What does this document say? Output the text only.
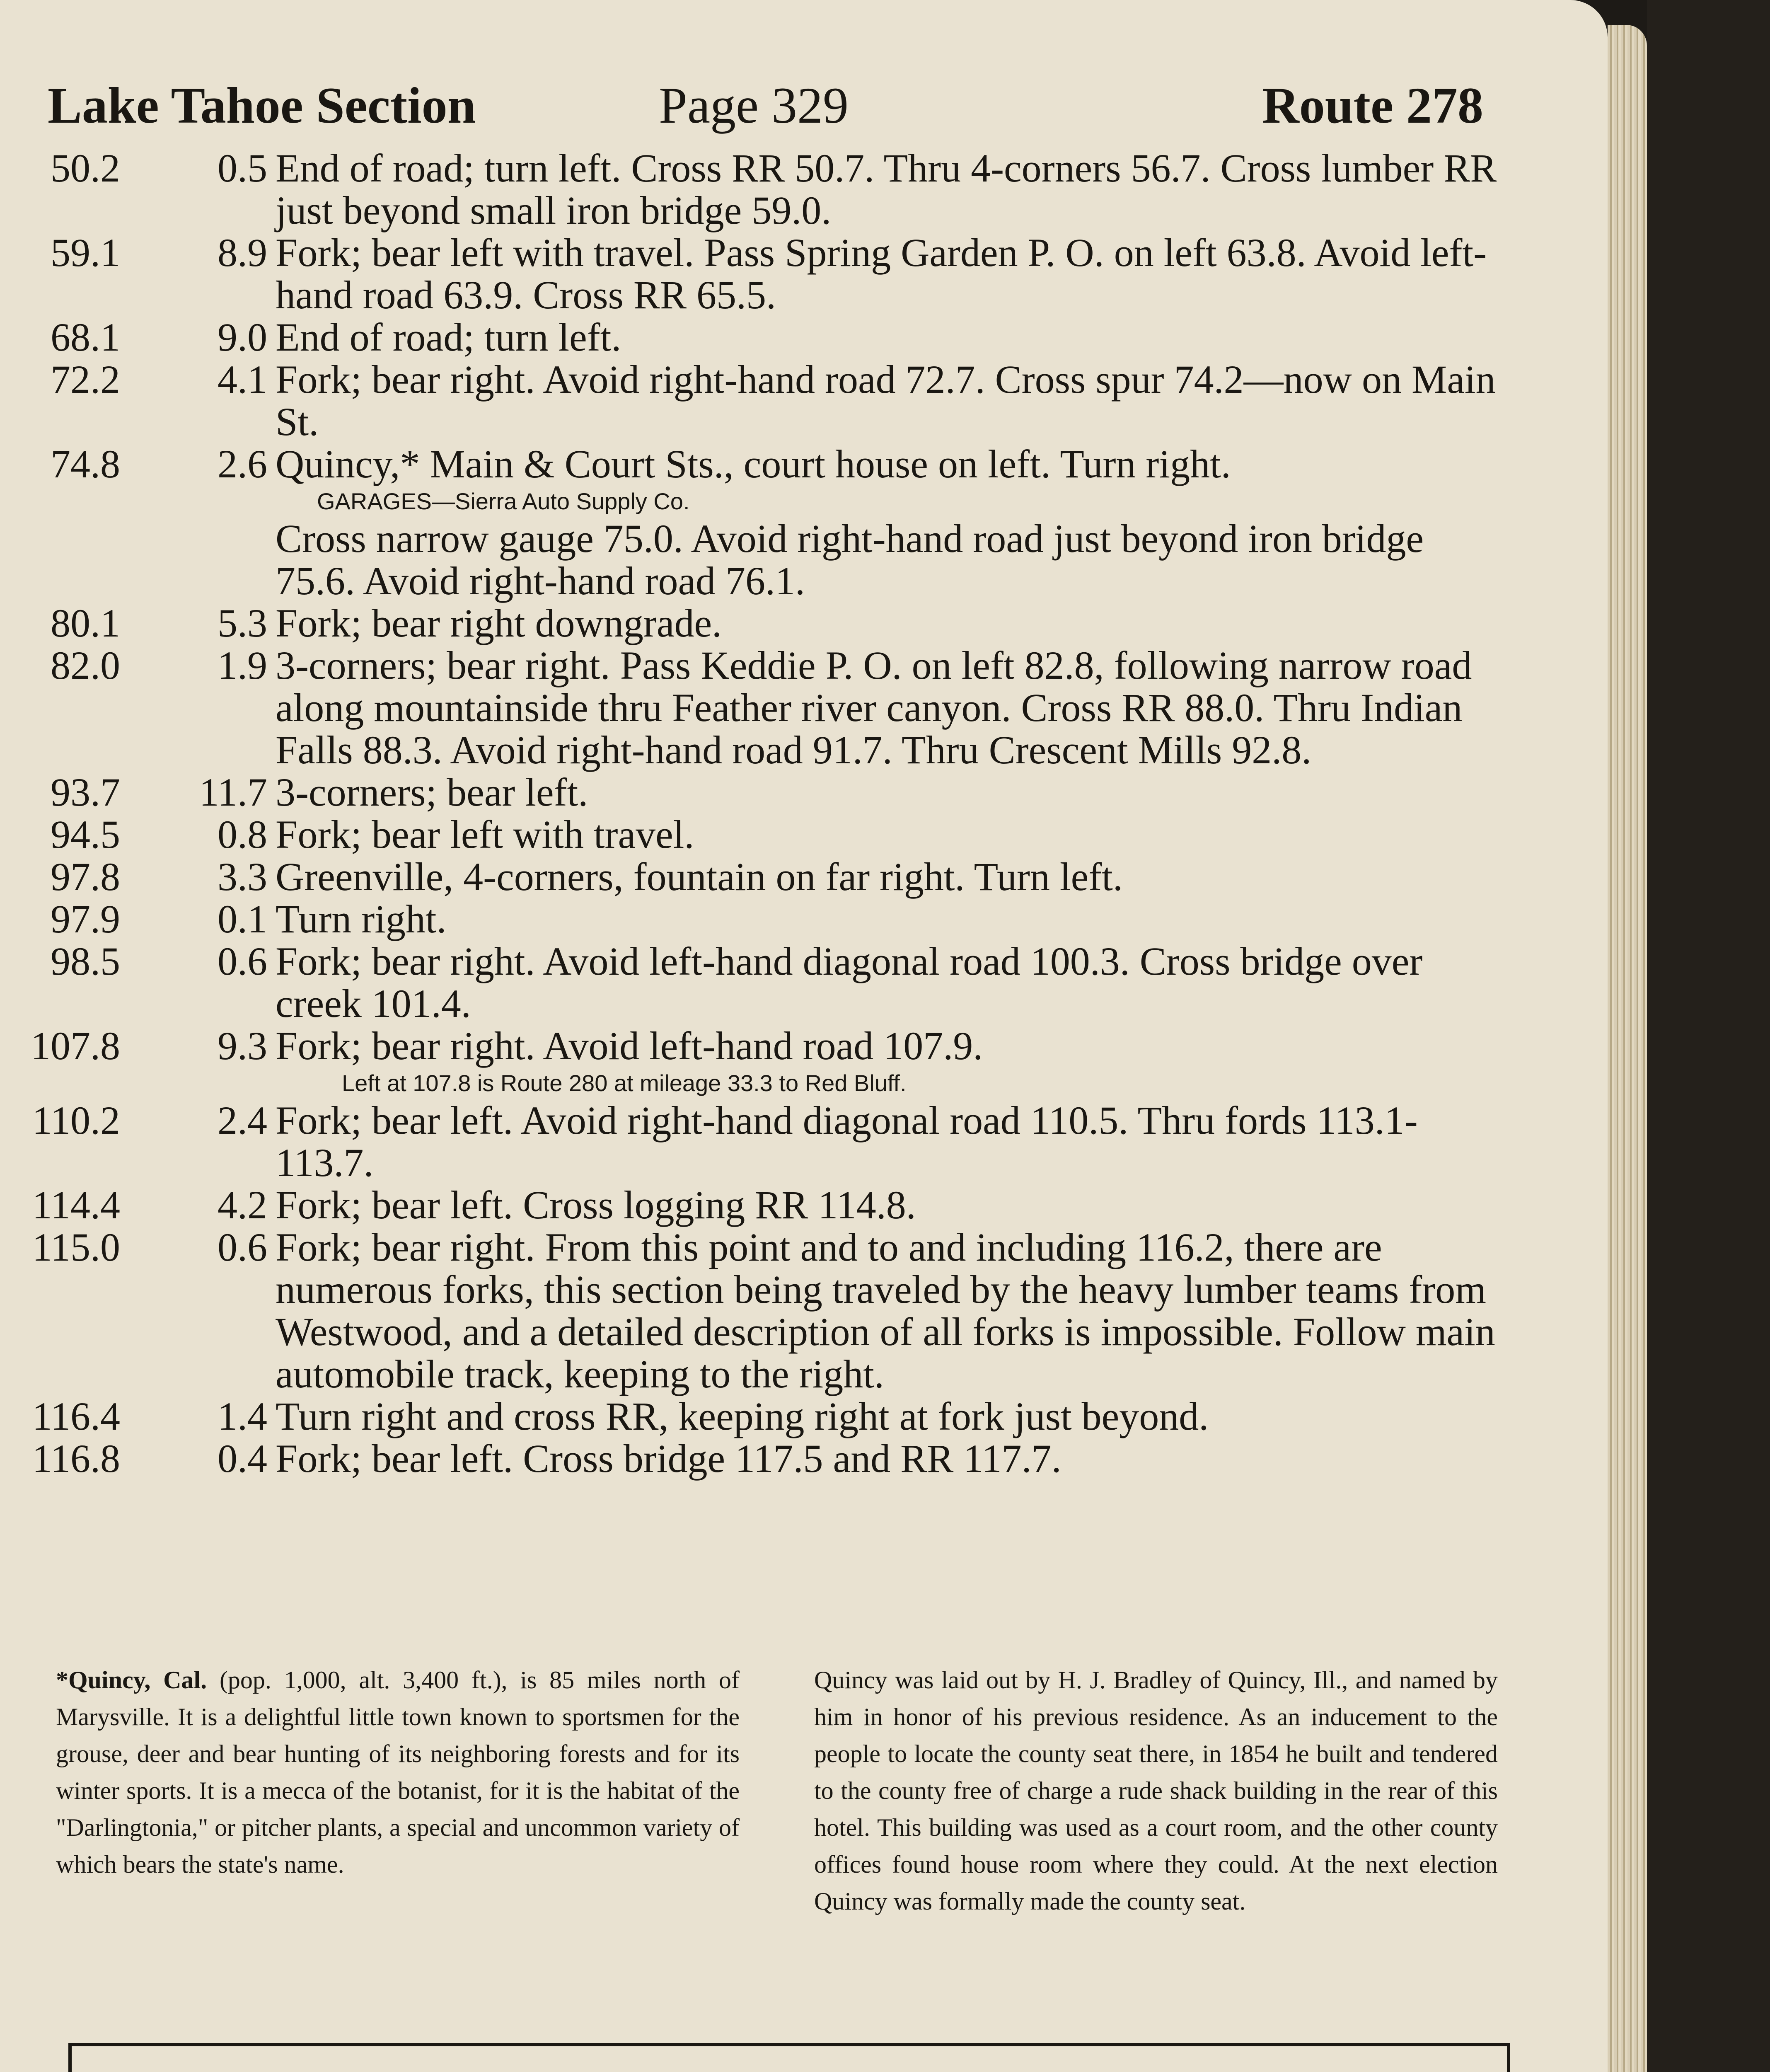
Lake Tahoe Section	Page 329	Route 278
50.2	0.5 End of road; turn left. Cross RR 50.7. Thru 4-corners 56.7. Cross lumber RR just beyond small iron bridge 59.0.
59.1	8.9 Fork; bear left with travel. Pass Spring Garden P. O. on left 63.8. Avoid left-hand road 63.9. Cross RR 65.5.
68.1	9.0 End of road; turn left.
72.2	4.1 Fork; bear right. Avoid right-hand road 72.7. Cross spur 74.2—now on Main St.
74.8	2.6 Quincy,* Main & Court Sts., court house on left. Turn right.
GARAGES—Sierra Auto Supply Co.
Cross narrow gauge 75.0. Avoid right-hand road just beyond iron bridge 75.6. Avoid right-hand road 76.1.
80.1	5.3 Fork; bear right downgrade.
82.0	1.9 3-corners; bear right. Pass Keddie P. O. on left 82.8, following narrow road along mountainside thru Feather river canyon. Cross RR 88.0. Thru Indian Falls 88.3. Avoid right-hand road 91.7. Thru Crescent Mills 92.8.
93.7	11.7 3-corners; bear left.
94.5	0.8 Fork; bear left with travel.
97.8	3.3 Greenville, 4-corners, fountain on far right. Turn left.
97.9	0.1 Turn right.
98.5	0.6 Fork; bear right. Avoid left-hand diagonal road 100.3. Cross bridge over creek 101.4.
107.8	9.3 Fork; bear right. Avoid left-hand road 107.9.
Left at 107.8 is Route 280 at mileage 33.3 to Red Bluff.
110.2	2.4 Fork; bear left. Avoid right-hand diagonal road 110.5. Thru fords 113.1-113.7.
114.4	4.2 Fork; bear left. Cross logging RR 114.8.
115.0	0.6 Fork; bear right. From this point and to and including 116.2, there are numerous forks, this section being traveled by the heavy lumber teams from Westwood, and a detailed description of all forks is impossible. Follow main automobile track, keeping to the right.
116.4	1.4 Turn right and cross RR, keeping right at fork just beyond.
116.8	0.4 Fork; bear left. Cross bridge 117.5 and RR 117.7.
*Quincy, Cal. (pop. 1,000, alt. 3,400 ft.), is 85 miles north of Marysville. It is a delightful little town known to sportsmen for the grouse, deer and bear hunting of its neighboring forests and for its winter sports. It is a mecca of the botanist, for it is the habitat of the "Darlingtonia," or pitcher plants, a special and uncommon variety of which bears the state's name.
Quincy was laid out by H. J. Bradley of Quincy, Ill., and named by him in honor of his previous residence. As an inducement to the people to locate the county seat there, in 1854 he built and tendered to the county free of charge a rude shack building in the rear of this hotel. This building was used as a court room, and the other county offices found house room where they could. At the next election Quincy was formally made the county seat.
